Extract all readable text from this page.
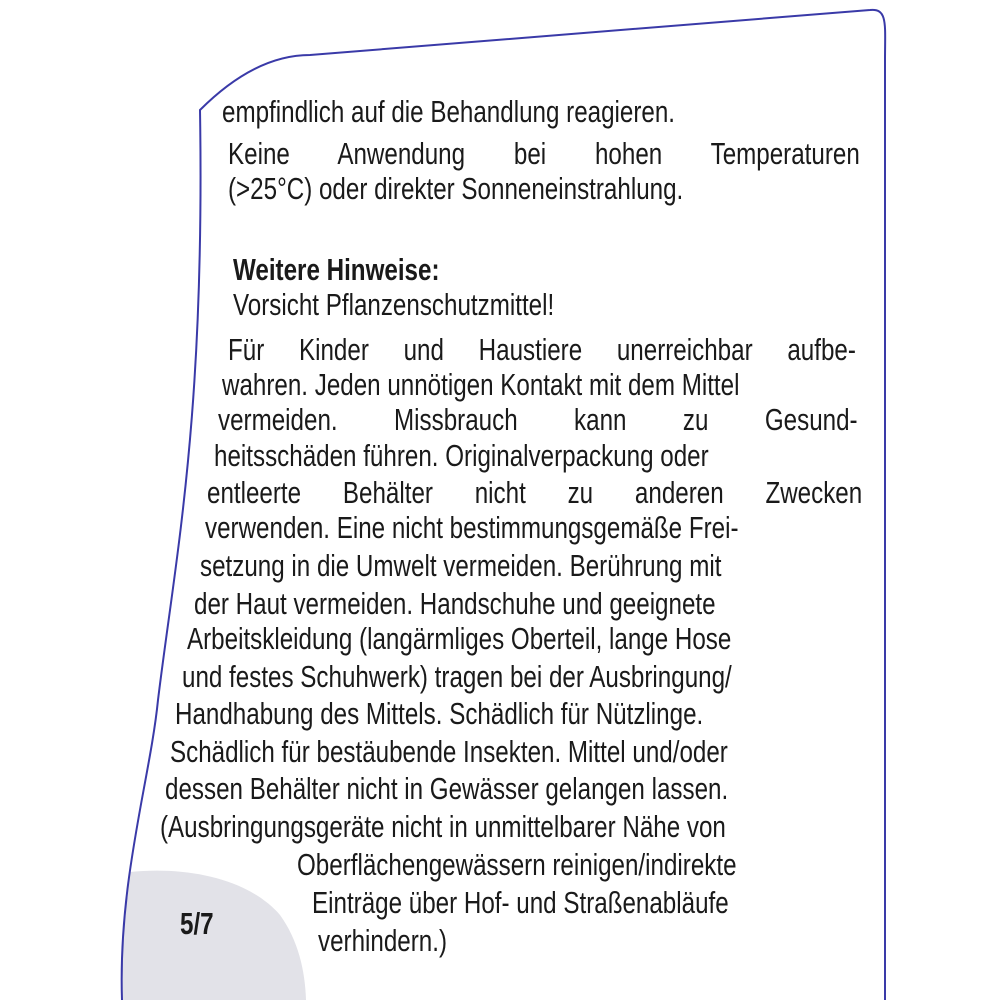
empfindlich auf die Behandlung reagieren.
Keine Anwendung bei hohen Temperaturen
(>25°C) oder direkter Sonneneinstrahlung.
Weitere Hinweise:
Vorsicht Pflanzenschutzmittel!
Für Kinder und Haustiere unerreichbar aufbe-
wahren. Jeden unnötigen Kontakt mit dem Mittel
vermeiden. Missbrauch kann zu Gesund-
heitsschäden führen. Originalverpackung oder
entleerte Behälter nicht zu anderen Zwecken
verwenden. Eine nicht bestimmungsgemäße Frei-
setzung in die Umwelt vermeiden. Berührung mit
der Haut vermeiden. Handschuhe und geeignete
Arbeitskleidung (langärmliges Oberteil, lange Hose
und festes Schuhwerk) tragen bei der Ausbringung/
Handhabung des Mittels. Schädlich für Nützlinge.
Schädlich für bestäubende Insekten. Mittel und/oder
dessen Behälter nicht in Gewässer gelangen lassen.
(Ausbringungsgeräte nicht in unmittelbarer Nähe von
Oberflächengewässern reinigen/indirekte
Einträge über Hof- und Straßenabläufe
verhindern.)
5/7
